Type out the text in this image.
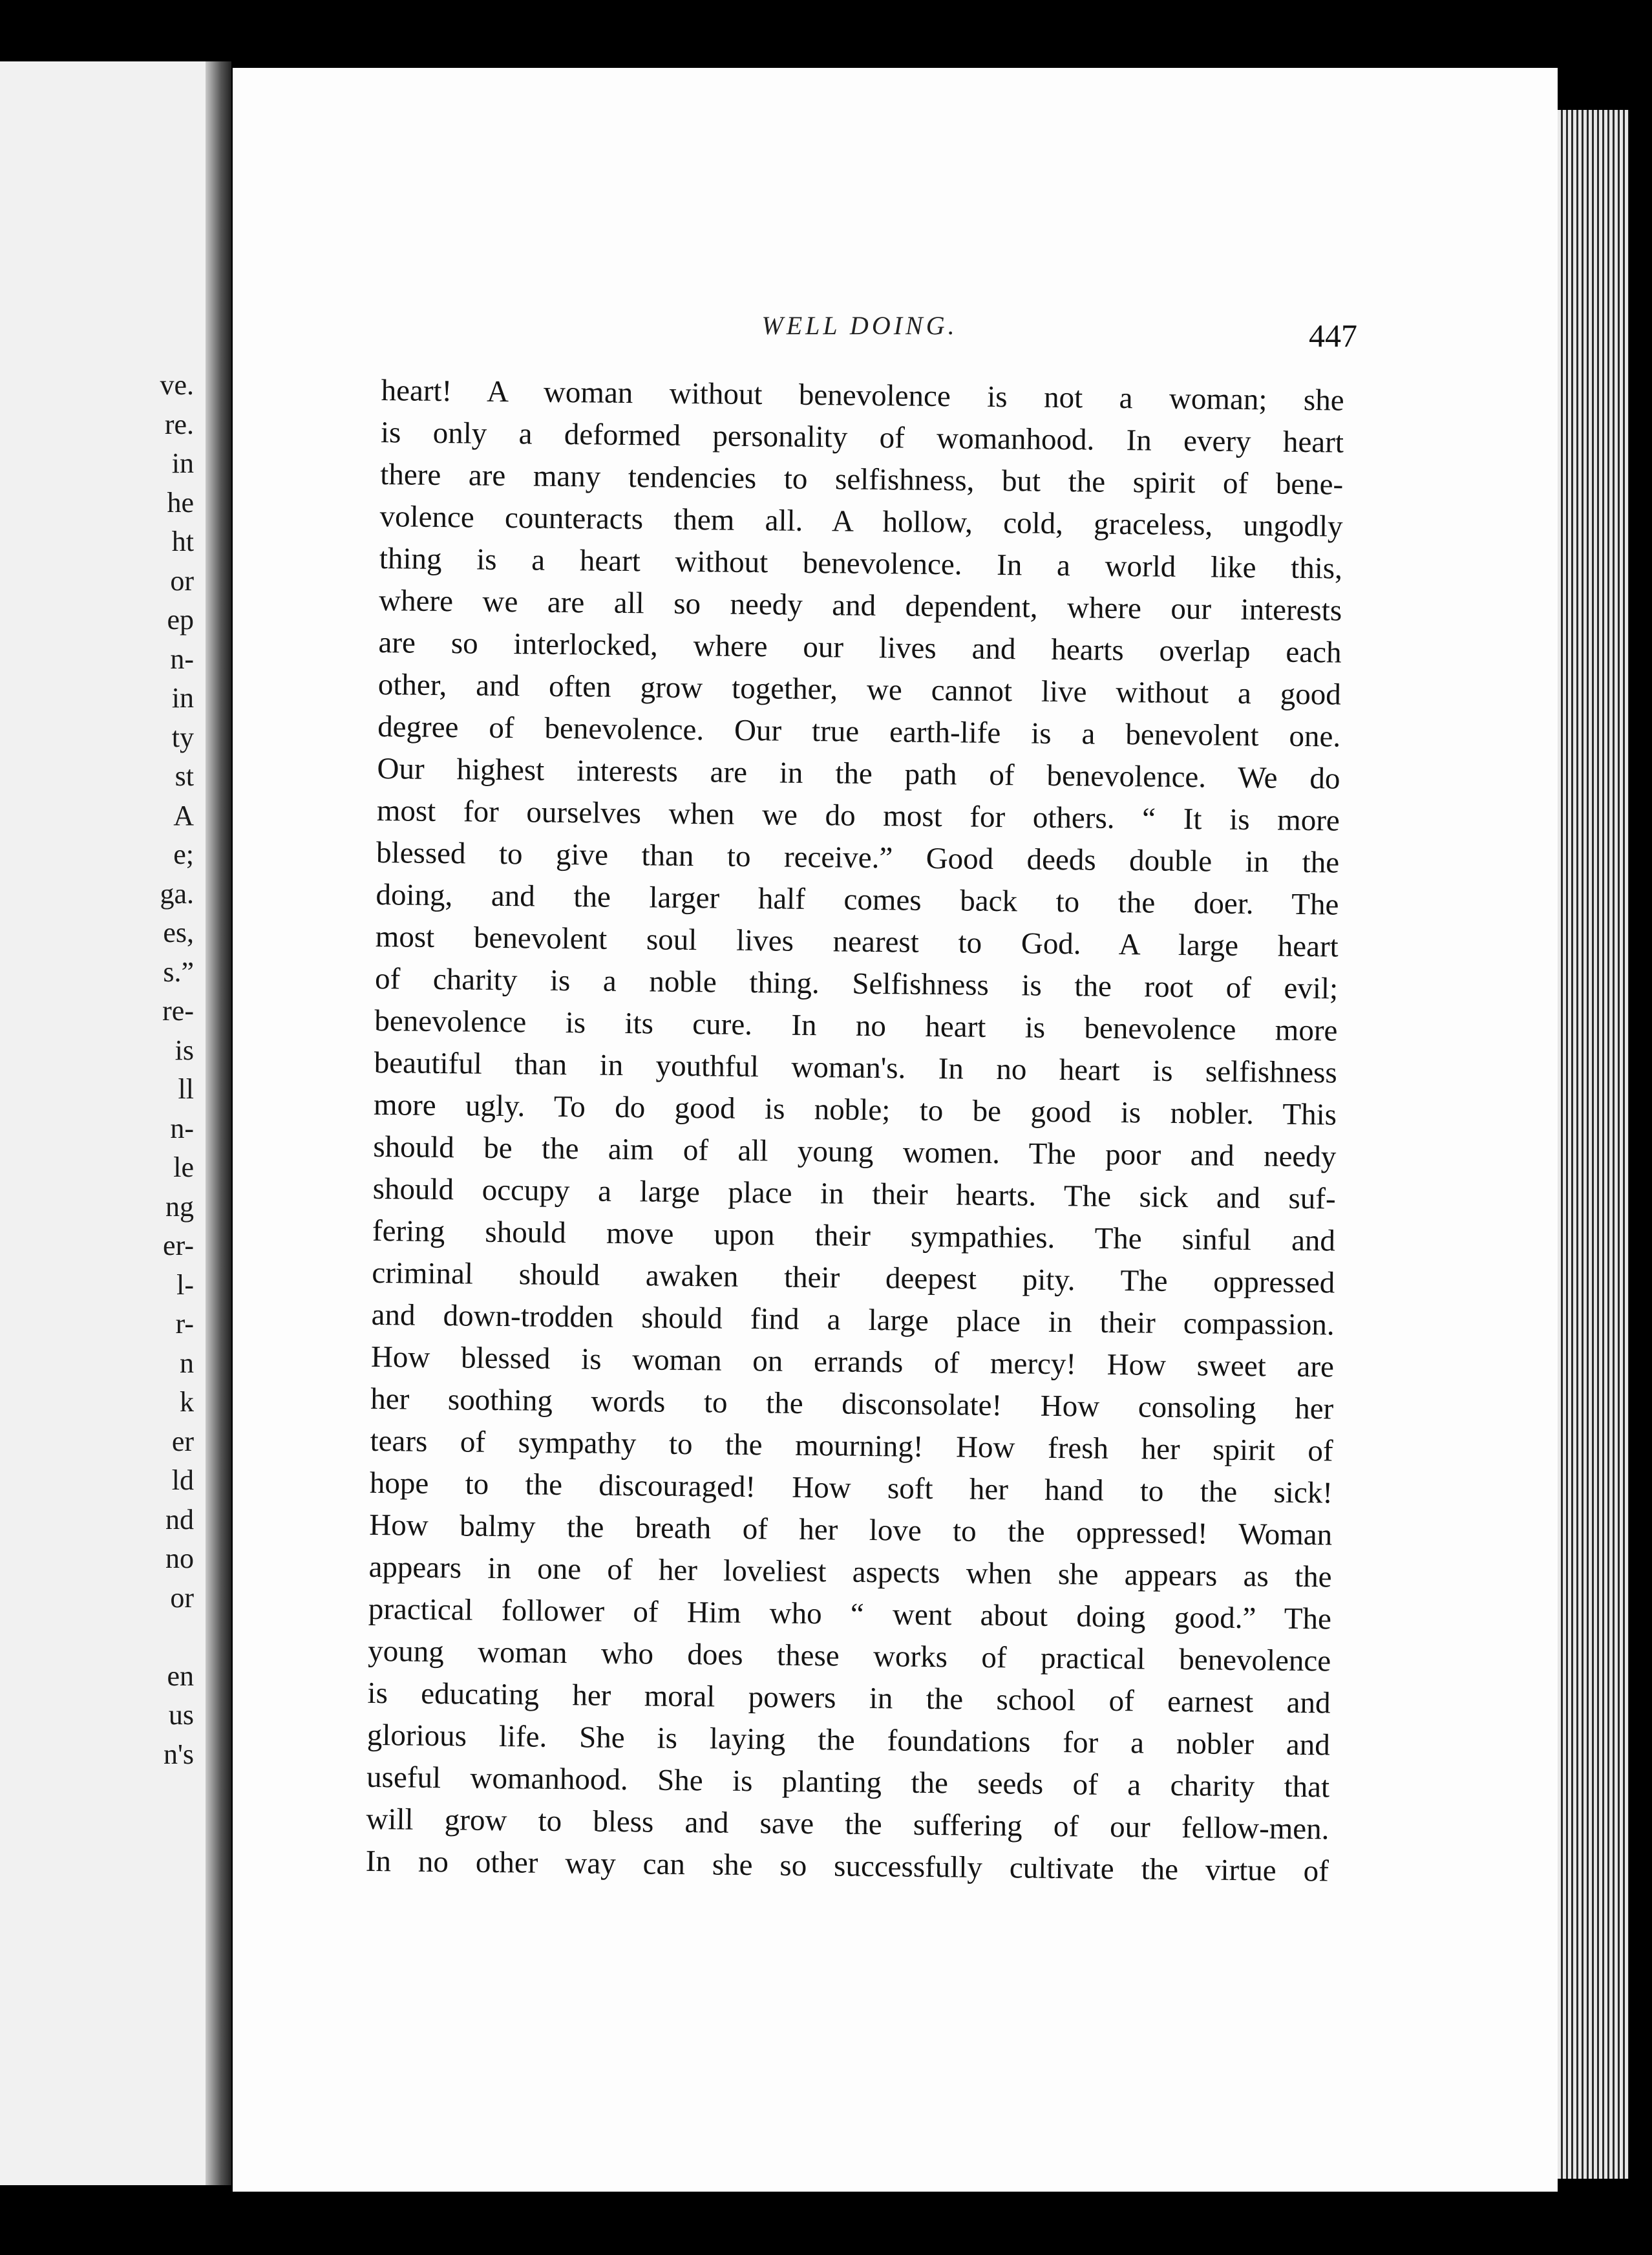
ve.
re.
in
he
ht
or
ep
n-
in
ty
st
A
e;
ga.
es,
s.”
re-
is
ll
n-
le
ng
er-
l-
r-
n
k
er
ld
nd
no
or
en
us
n's
WELL DOING.	447
heart! A woman without benevolence is not a woman; she
is only a deformed personality of womanhood. In every heart
there are many tendencies to selfishness, but the spirit of bene-
volence counteracts them all. A hollow, cold, graceless, ungodly
thing is a heart without benevolence. In a world like this,
where we are all so needy and dependent, where our interests
are so interlocked, where our lives and hearts overlap each
other, and often grow together, we cannot live without a good
degree of benevolence. Our true earth-life is a benevolent one.
Our highest interests are in the path of benevolence. We do
most for ourselves when we do most for others. “ It is more
blessed to give than to receive.” Good deeds double in the
doing, and the larger half comes back to the doer. The
most benevolent soul lives nearest to God. A large heart
of charity is a noble thing. Selfishness is the root of evil;
benevolence is its cure. In no heart is benevolence more
beautiful than in youthful woman's. In no heart is selfishness
more ugly. To do good is noble; to be good is nobler. This
should be the aim of all young women. The poor and needy
should occupy a large place in their hearts. The sick and suf-
fering should move upon their sympathies. The sinful and
criminal should awaken their deepest pity. The oppressed
and down-trodden should find a large place in their compassion.
How blessed is woman on errands of mercy! How sweet are
her soothing words to the disconsolate! How consoling her
tears of sympathy to the mourning! How fresh her spirit of
hope to the discouraged! How soft her hand to the sick!
How balmy the breath of her love to the oppressed! Woman
appears in one of her loveliest aspects when she appears as the
practical follower of Him who “ went about doing good.” The
young woman who does these works of practical benevolence
is educating her moral powers in the school of earnest and
glorious life. She is laying the foundations for a nobler and
useful womanhood. She is planting the seeds of a charity that
will grow to bless and save the suffering of our fellow-men.
In no other way can she so successfully cultivate the virtue of
